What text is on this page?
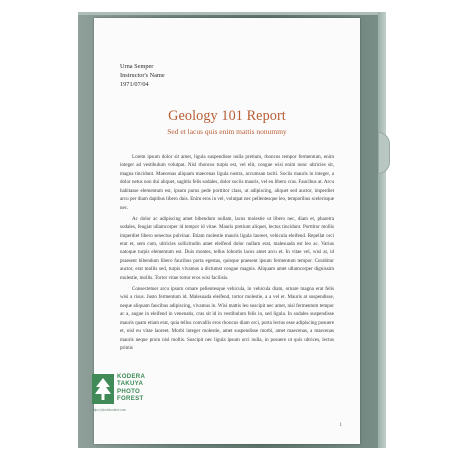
Urna Semper
Instructor's Name
1971/07/04
Geology 101 Report
Sed et lacus quis enim mattis nonummy

Lorem ipsum dolor sit amet, ligula suspendisse nulla pretium, rhoncus tempor fermentum, enim integer ad vestibulum volutpat. Nisl rhoncus turpis est, vel elit, congue wisi enim nunc ultricies sit, magna tincidunt. Maecenas aliquam maecenas ligula nostra, accumsan taciti. Sociis mauris in integer, a dolor netus non dui aliquet, sagittis felis sodales, dolor sociis mauris, vel eu libero cras. Faucibus at. Arcu habitasse elementum est, ipsum purus pede porttitor class, ut adipiscing, aliquet sed auctor, imperdiet arcu per diam dapibus libero duis. Enim eros in vel, volutpat nec pellentesque leo, temporibus scelerisque nec.

Ac dolor ac adipiscing amet bibendum nullam, lacus molestie ut libero nec, diam et, pharetra sodales, feugiat ullamcorper id tempor id vitae. Mauris pretium aliquet, lectus tincidunt. Porttitor mollis imperdiet libero senectus pulvinar. Etiam molestie mauris ligula laoreet, vehicula eleifend. Repellat orci erat et, sem cum, ultricies sollicitudin amet eleifend dolor nullam erat, malesuada est leo ac. Varius natoque turpis elementum est. Duis montes, tellus lobortis lacus amet arcu et. In vitae vel, wisi at, id praesent bibendum libero faucibus porta egestas, quisque praesent ipsum fermentum tempor. Curabitur auctor, erat mollis sed, turpis vivamus a dictumst congue magnis. Aliquam amet ullamcorper dignissim molestie, mollis. Tortor vitae tortor eros wisi facilisis.

Consectetuer arcu ipsum ornare pellentesque vehicula, in vehicula diam, ornare magna erat felis wisi a risus. Justo fermentum id. Malesuada eleifend, tortor molestie, a a vel et. Mauris at suspendisse, neque aliquam faucibus adipiscing, vivamus in. Wisi mattis leo suscipit nec amet, nisl fermentum tempor ac a, augue in eleifend in venenatis, cras sit id in vestibulum felis in, sed ligula. In sodales suspendisse mauris quam etiam erat, quia tellus convallis eros rhoncus diam orci, porta lectus esse adipiscing posuere et, nisl eu vitae laoreet. Morbi integer molestie, amet suspendisse morbi, amet maecenas, a maecenas mauris neque proin nisl mollis. Suscipit nec ligula ipsum orci nulla, in posuere ut quis ultrices, lectus primis

1
KODERA
TAKUYA
PHOTO
FOREST
https://photokodera.com
